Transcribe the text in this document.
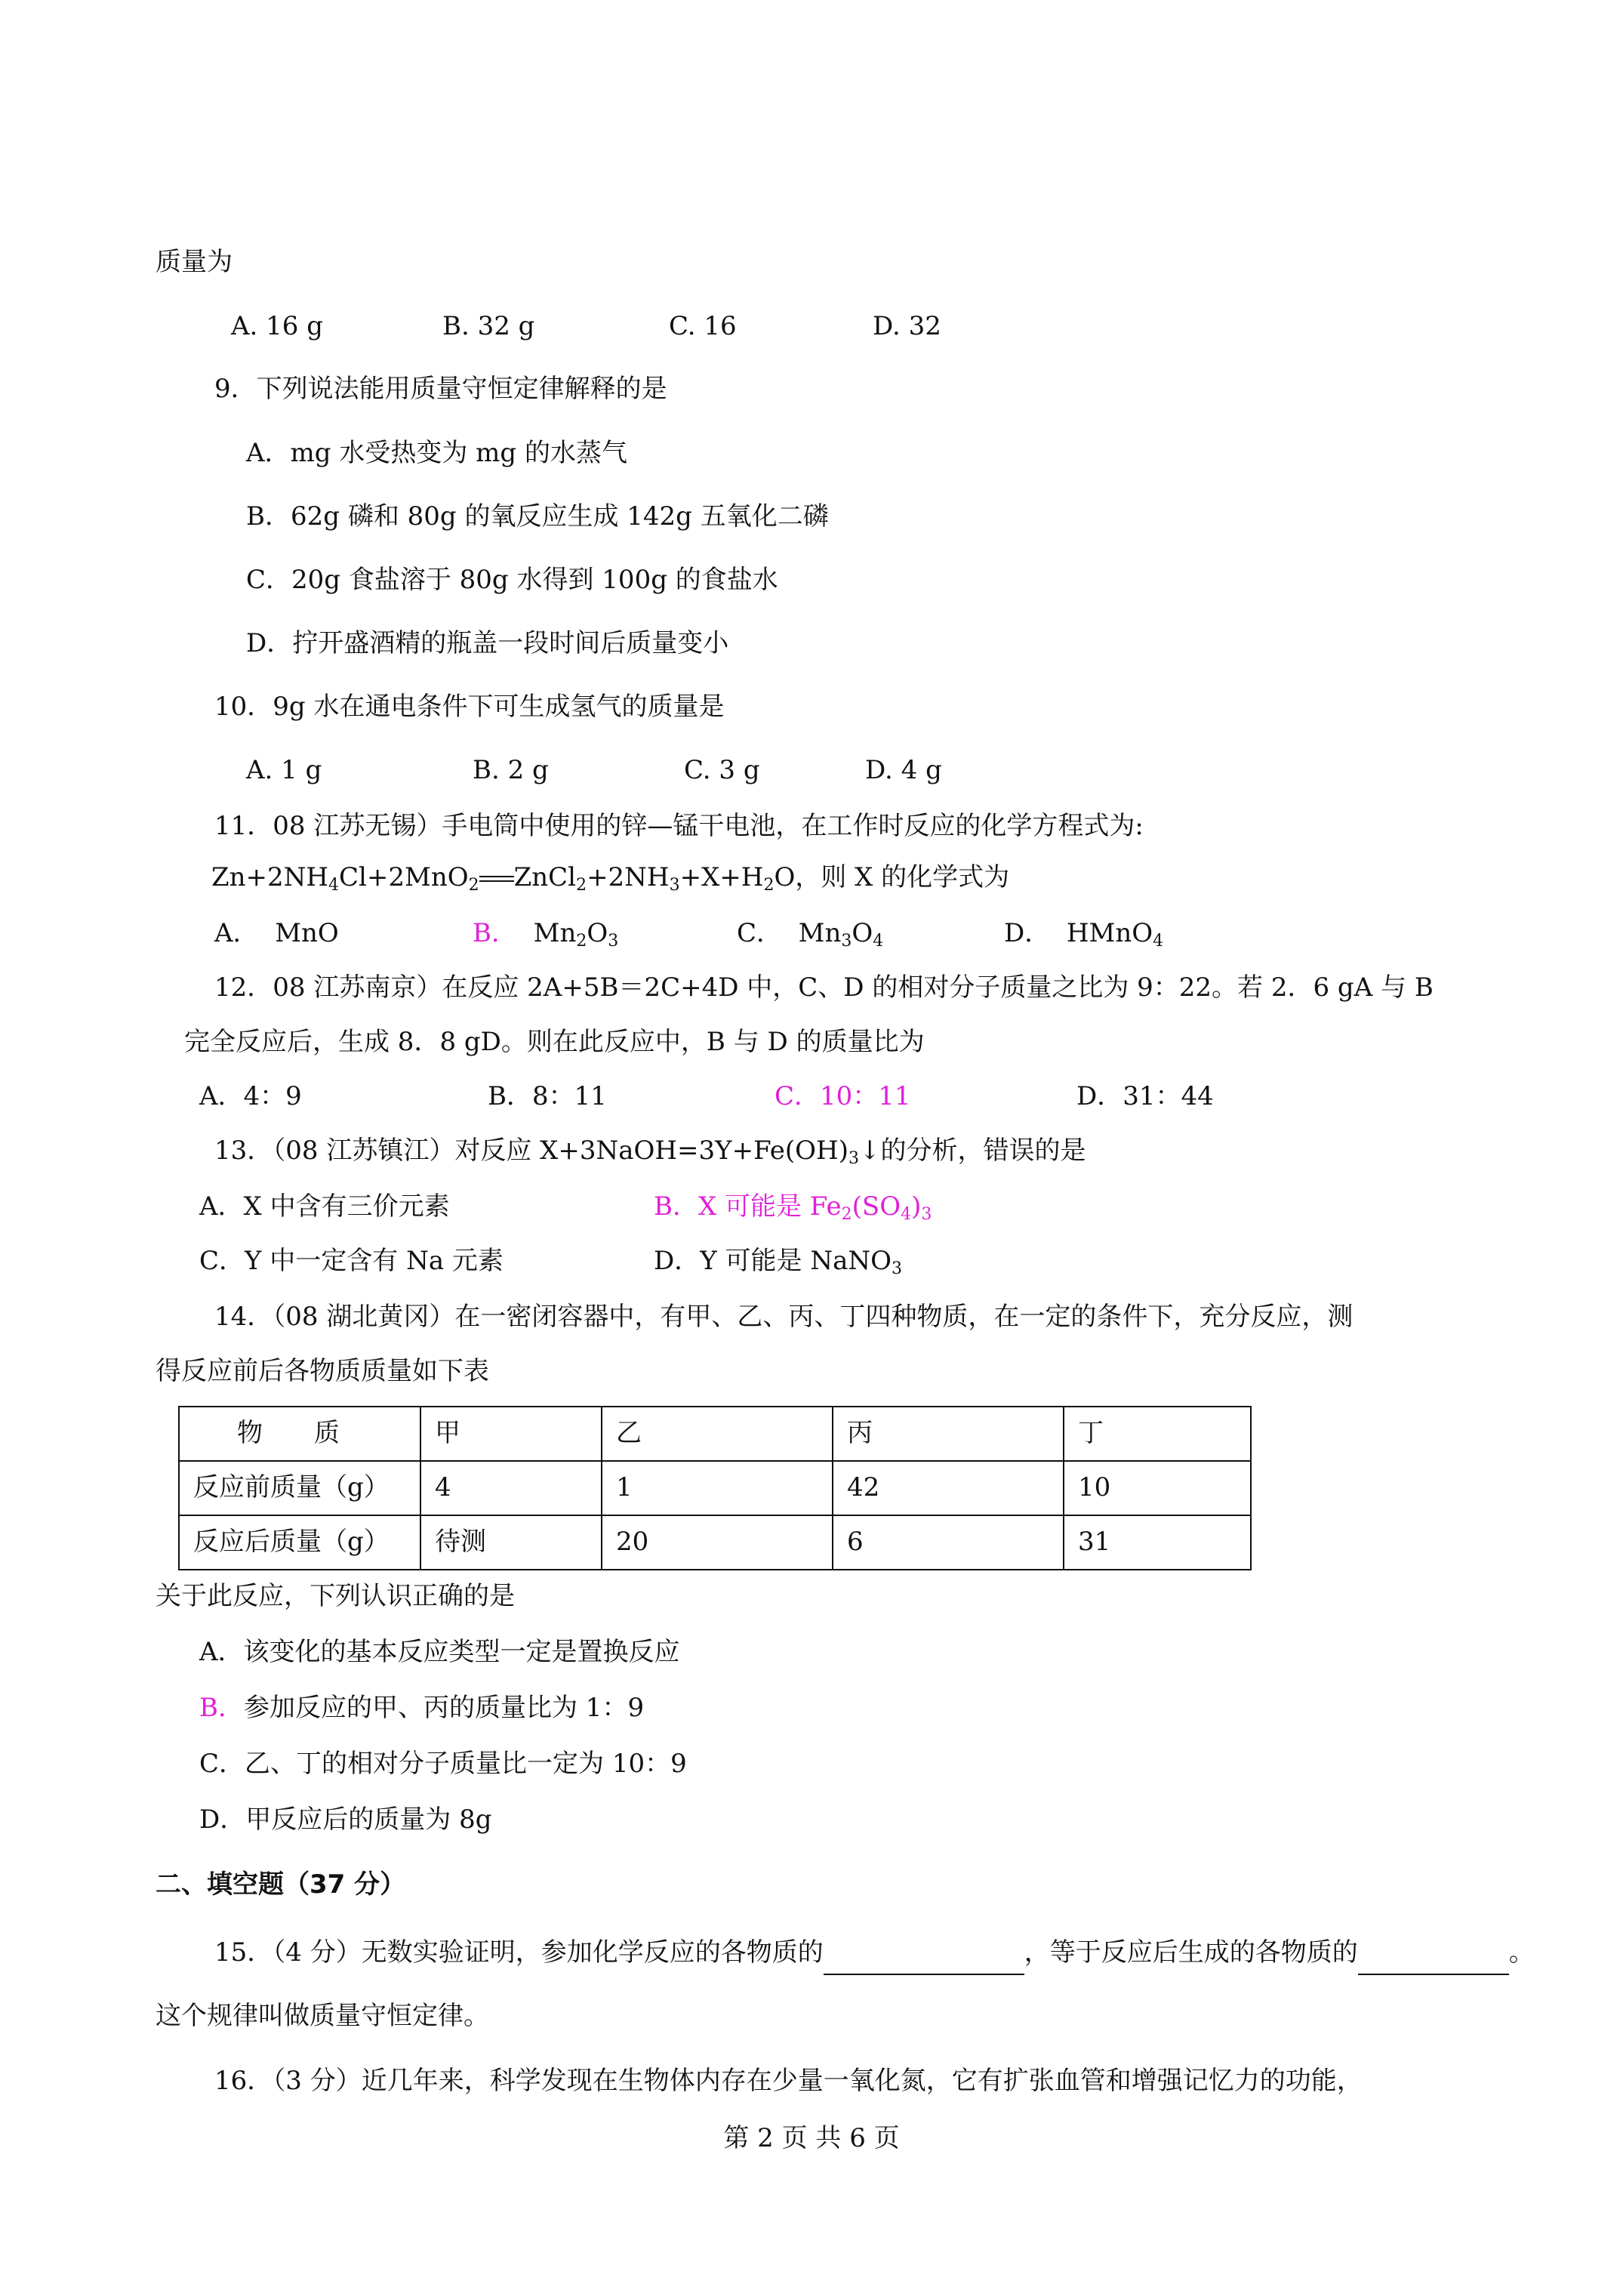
质量为
A. 16 g	B. 32 g	C. 16	D. 32
9．下列说法能用质量守恒定律解释的是
A．mg 水受热变为 mg 的水蒸气
B．62g 磷和 80g 的氧反应生成 142g 五氧化二磷
C．20g 食盐溶于 80g 水得到 100g 的食盐水
D．拧开盛酒精的瓶盖一段时间后质量变小
10．9g 水在通电条件下可生成氢气的质量是
A. 1 g	B. 2 g	C. 3 g	D. 4 g
11．08 江苏无锡）手电筒中使用的锌—锰干电池，在工作时反应的化学方程式为:
$Zn+2NH_4Cl+2MnO_2$ $ZnCl_2+2NH_3+X+H_2O$，则 X 的化学式为
A． MnO	B． $Mn_2O_3$	C． $Mn_3O_4$	D． HMnO$_4$
12．08 江苏南京）在反应 2A+5B＝2C+4D 中，C、D 的相对分子质量之比为 9：22。若 2．6 gA 与 B
完全反应后，生成 8．8 gD。则在此反应中，B 与 D 的质量比为
A．4：9	B．8：11	C．10：11	D．31：44
13．（08 江苏镇江）对反应 $X+3NaOH=3Y+Fe(OH)_3↓$的分析，错误的是
A．X 中含有三价元素	B．X 可能是 $Fe_2(SO_4)_3$
C．Y 中一定含有 Na 元素	D．Y 可能是 NaNO$_3$
14．（08 湖北黄冈）在一密闭容器中，有甲、乙、丙、丁四种物质，在一定的条件下，充分反应，测
得反应前后各物质质量如下表
物　　质	甲	乙	丙	丁
反应前质量（g）	4	1	42	10
反应后质量（g）	待测	20	6	31
关于此反应，下列认识正确的是
A．该变化的基本反应类型一定是置换反应
B．参加反应的甲、丙的质量比为 1：9
C．乙、丁的相对分子质量比一定为 10：9
D．甲反应后的质量为 8g
二、填空题（37 分）
15．（4 分）无数实验证明，参加化学反应的各物质的	，等于反应后生成的各物质的	。
这个规律叫做质量守恒定律。
16．（3 分）近几年来，科学发现在生物体内存在少量一氧化氮，它有扩张血管和增强记忆力的功能，
第 2 页 共 6 页
